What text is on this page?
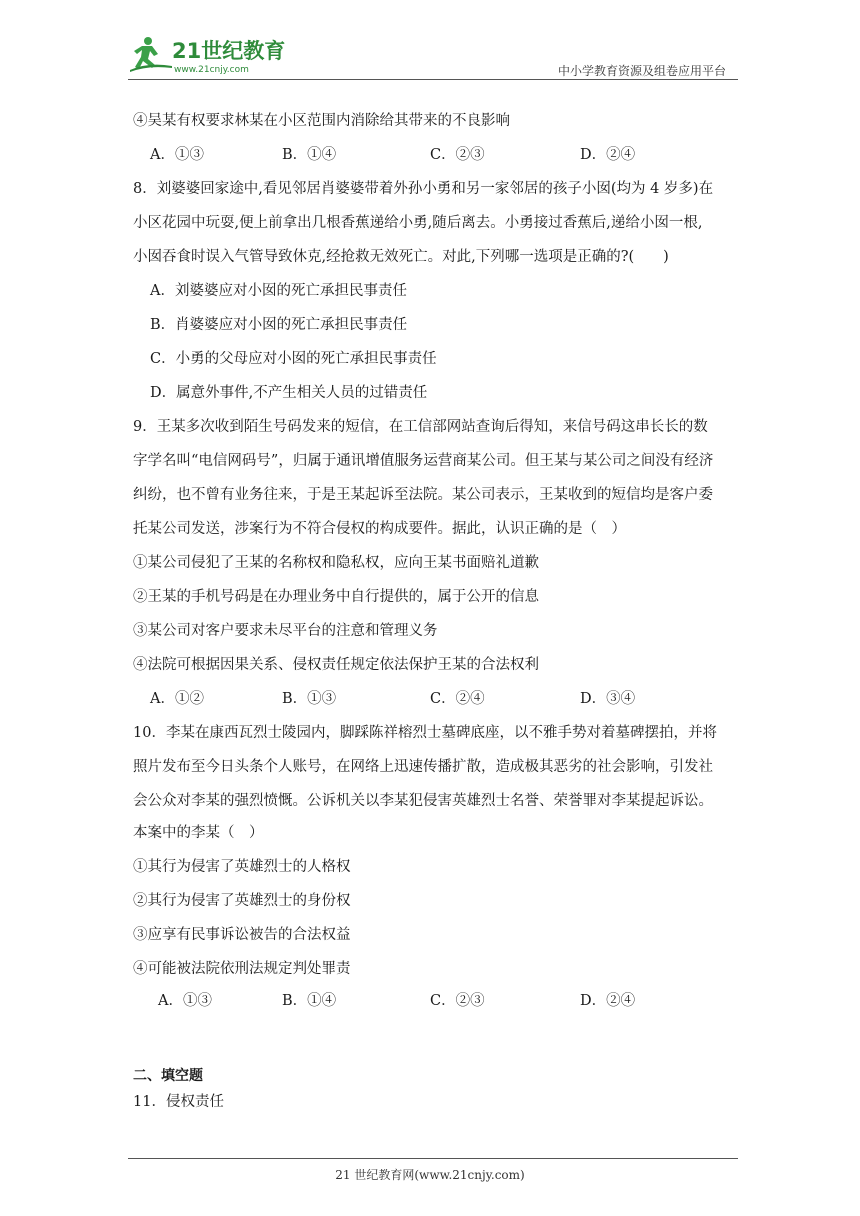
21世纪教育
www.21cnjy.com	中小学教育资源及组卷应用平台
④吴某有权要求林某在小区范围内消除给其带来的不良影响
A．①③	B．①④	C．②③	D．②④
8．刘婆婆回家途中,看见邻居肖婆婆带着外孙小勇和另一家邻居的孩子小囡(均为 4 岁多)在
小区花园中玩耍,便上前拿出几根香蕉递给小勇,随后离去。小勇接过香蕉后,递给小囡一根,
小囡吞食时误入气管导致休克,经抢救无效死亡。对此,下列哪一选项是正确的?(　　)
A．刘婆婆应对小囡的死亡承担民事责任
B．肖婆婆应对小囡的死亡承担民事责任
C．小勇的父母应对小囡的死亡承担民事责任
D．属意外事件,不产生相关人员的过错责任
9．王某多次收到陌生号码发来的短信，在工信部网站查询后得知，来信号码这串长长的数
字学名叫“电信网码号”，归属于通讯增值服务运营商某公司。但王某与某公司之间没有经济
纠纷，也不曾有业务往来，于是王某起诉至法院。某公司表示，王某收到的短信均是客户委
托某公司发送，涉案行为不符合侵权的构成要件。据此，认识正确的是（　）
①某公司侵犯了王某的名称权和隐私权，应向王某书面赔礼道歉
②王某的手机号码是在办理业务中自行提供的，属于公开的信息
③某公司对客户要求未尽平台的注意和管理义务
④法院可根据因果关系、侵权责任规定依法保护王某的合法权利
A．①②	B．①③	C．②④	D．③④
10．李某在康西瓦烈士陵园内，脚踩陈祥榕烈士墓碑底座，以不雅手势对着墓碑摆拍，并将
照片发布至今日头条个人账号，在网络上迅速传播扩散，造成极其恶劣的社会影响，引发社
会公众对李某的强烈愤慨。公诉机关以李某犯侵害英雄烈士名誉、荣誉罪对李某提起诉讼。
本案中的李某（　）
①其行为侵害了英雄烈士的人格权
②其行为侵害了英雄烈士的身份权
③应享有民事诉讼被告的合法权益
④可能被法院依刑法规定判处罪责
A．①③	B．①④	C．②③	D．②④
二、填空题
11．侵权责任
21 世纪教育网(www.21cnjy.com)
